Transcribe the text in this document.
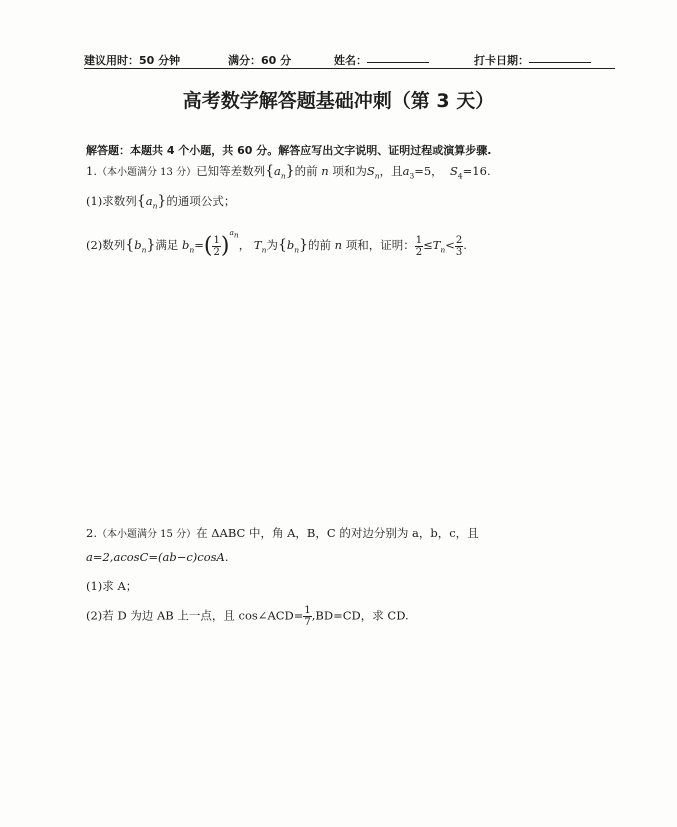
建议用时：50 分钟	满分：60 分	姓名：	打卡日期：
高考数学解答题基础冲刺（第 3 天）
解答题：本题共 4 个小题，共 60 分。解答应写出文字说明、证明过程或演算步骤.
1.（本小题满分 13 分）已知等差数列$\{a_n\}$的前 n 项和为$S_n$，且$a_3=5$， $S_4=16$.
(1)求数列$\{a_n\}$的通项公式；
(2)数列$\{b_n\}$满足 $b_n=( \frac{1}{2} )^{a_n}$， $T_n$为$\{b_n\}$的前 n 项和，证明： $\frac{1}{2} \le T_n< \frac{2}{3}$ .
2.（本小题满分 15 分）在 ΔABC 中，角 A，B，C 的对边分别为 a，b，c，且
a=2,acosC=(ab−c)cosA.
(1)求 A；
(2)若 D 为边 AB 上一点，且 cos∠ACD= $\frac{1}{7} ,BD=CD$，求 CD.
